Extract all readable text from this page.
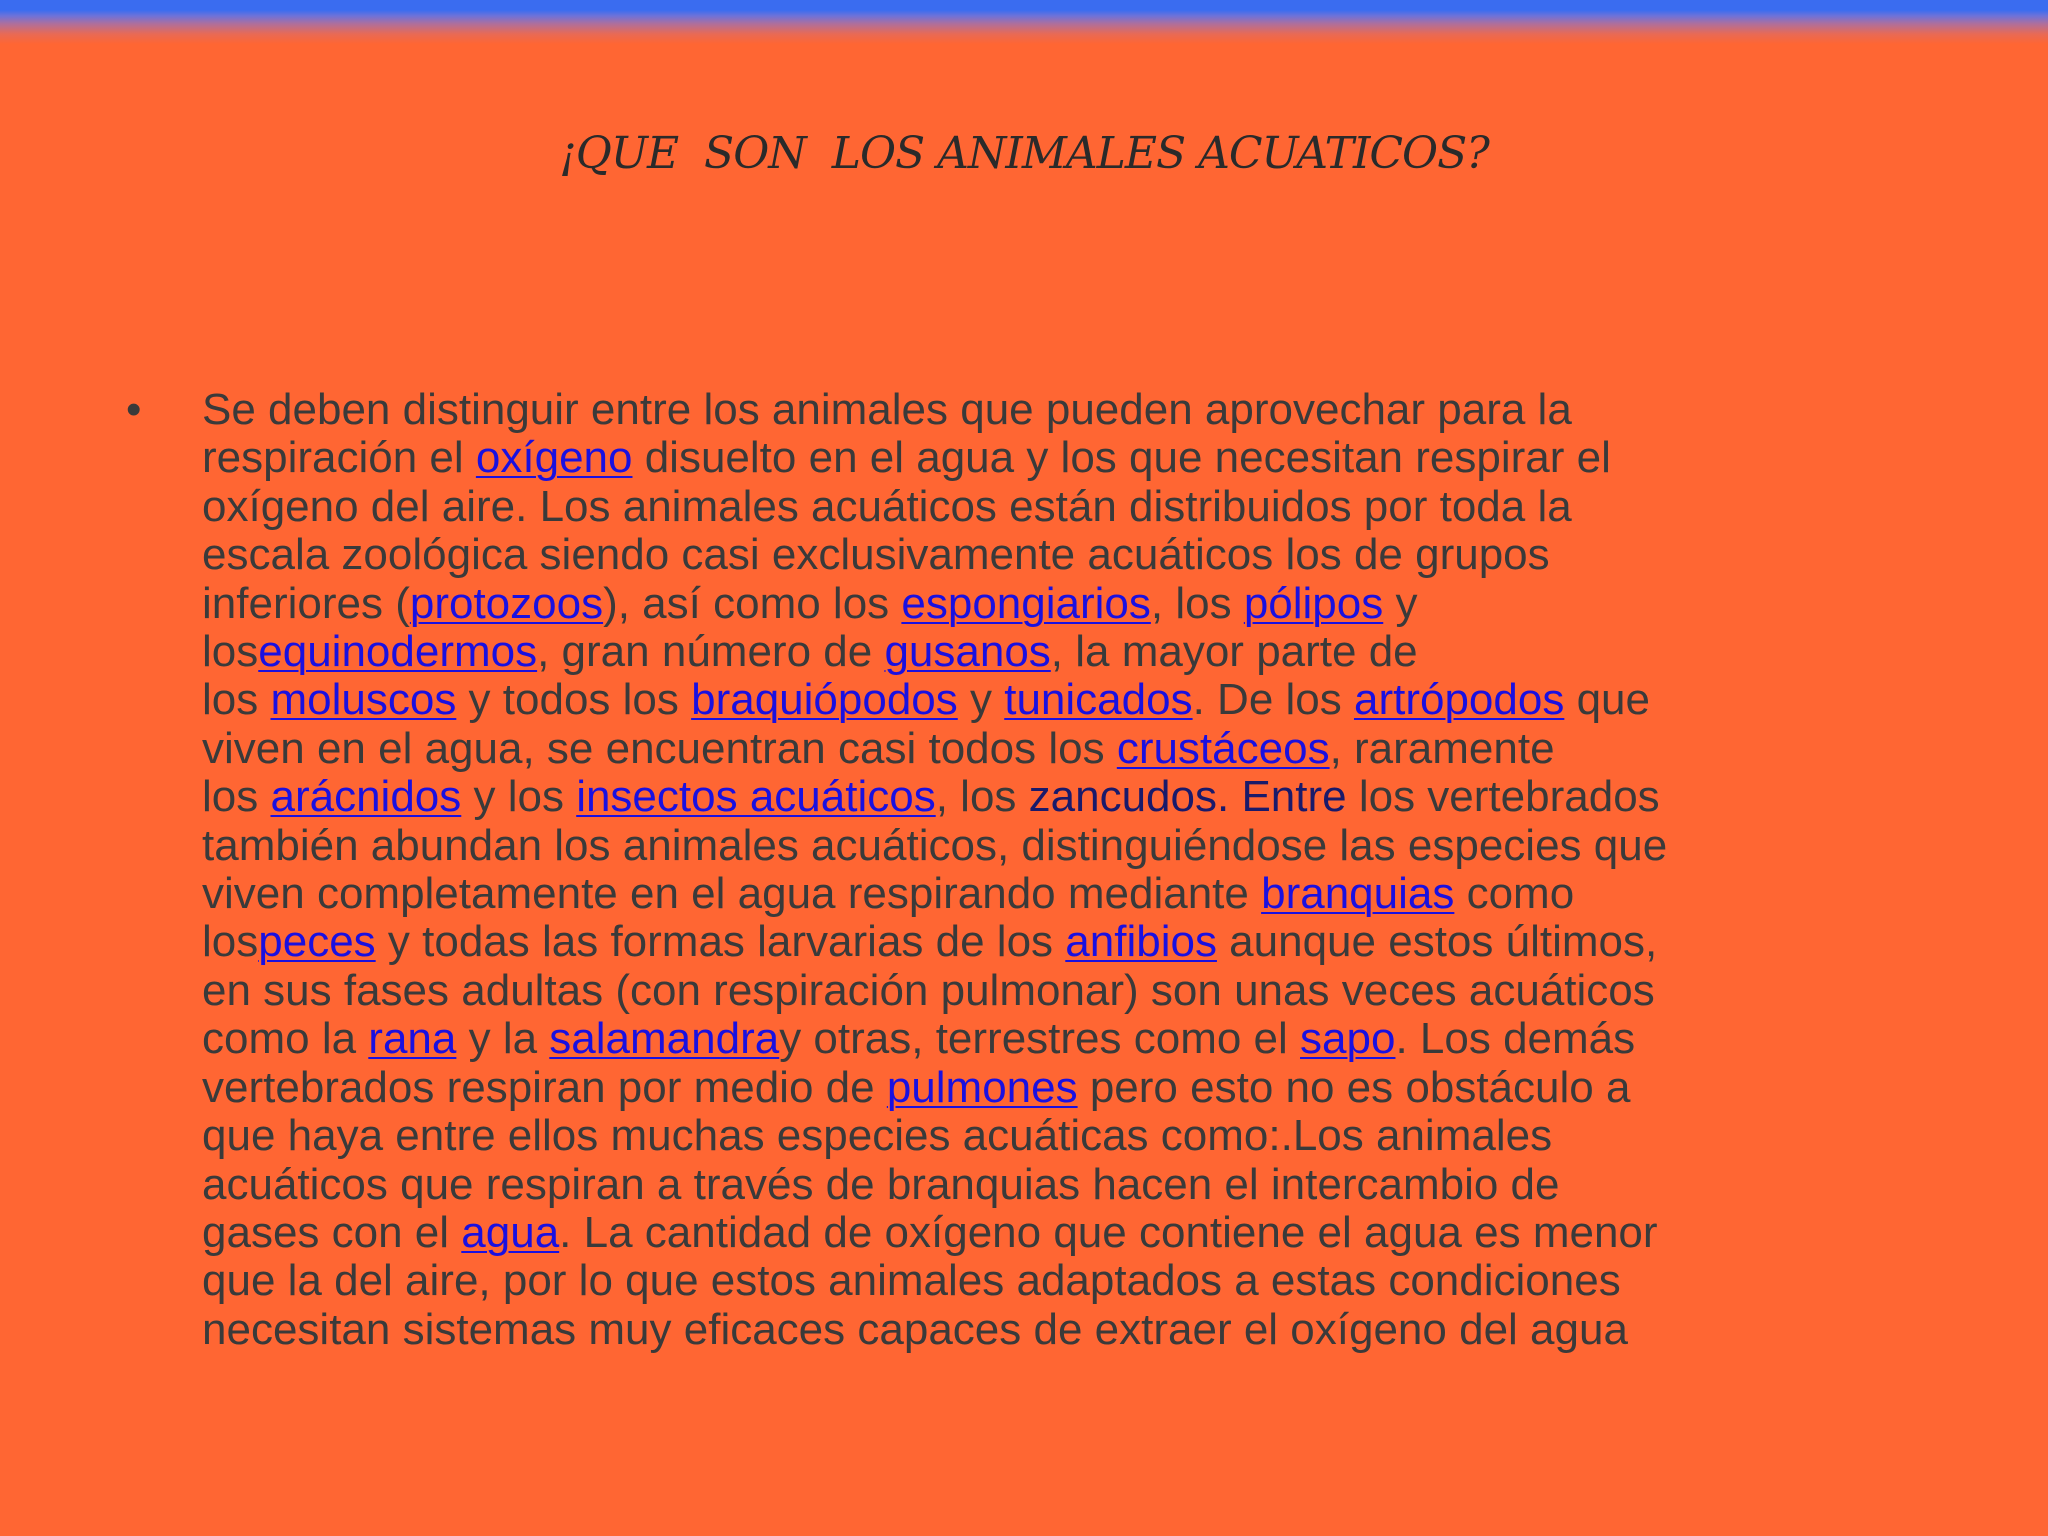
¡QUE  SON  LOS ANIMALES ACUATICOS?
• Se deben distinguir entre los animales que pueden aprovechar para la
respiración el oxígeno disuelto en el agua y los que necesitan respirar el
oxígeno del aire. Los animales acuáticos están distribuidos por toda la
escala zoológica siendo casi exclusivamente acuáticos los de grupos
inferiores (protozoos), así como los espongiarios, los pólipos y
losequinodermos, gran número de gusanos, la mayor parte de
los moluscos y todos los braquiópodos y tunicados. De los artrópodos que
viven en el agua, se encuentran casi todos los crustáceos, raramente
los arácnidos y los insectos acuáticos, los zancudos. Entre los vertebrados
también abundan los animales acuáticos, distinguiéndose las especies que
viven completamente en el agua respirando mediante branquias como
lospeces y todas las formas larvarias de los anfibios aunque estos últimos,
en sus fases adultas (con respiración pulmonar) son unas veces acuáticos
como la rana y la salamandray otras, terrestres como el sapo. Los demás
vertebrados respiran por medio de pulmones pero esto no es obstáculo a
que haya entre ellos muchas especies acuáticas como:.Los animales
acuáticos que respiran a través de branquias hacen el intercambio de
gases con el agua. La cantidad de oxígeno que contiene el agua es menor
que la del aire, por lo que estos animales adaptados a estas condiciones
necesitan sistemas muy eficaces capaces de extraer el oxígeno del agua
